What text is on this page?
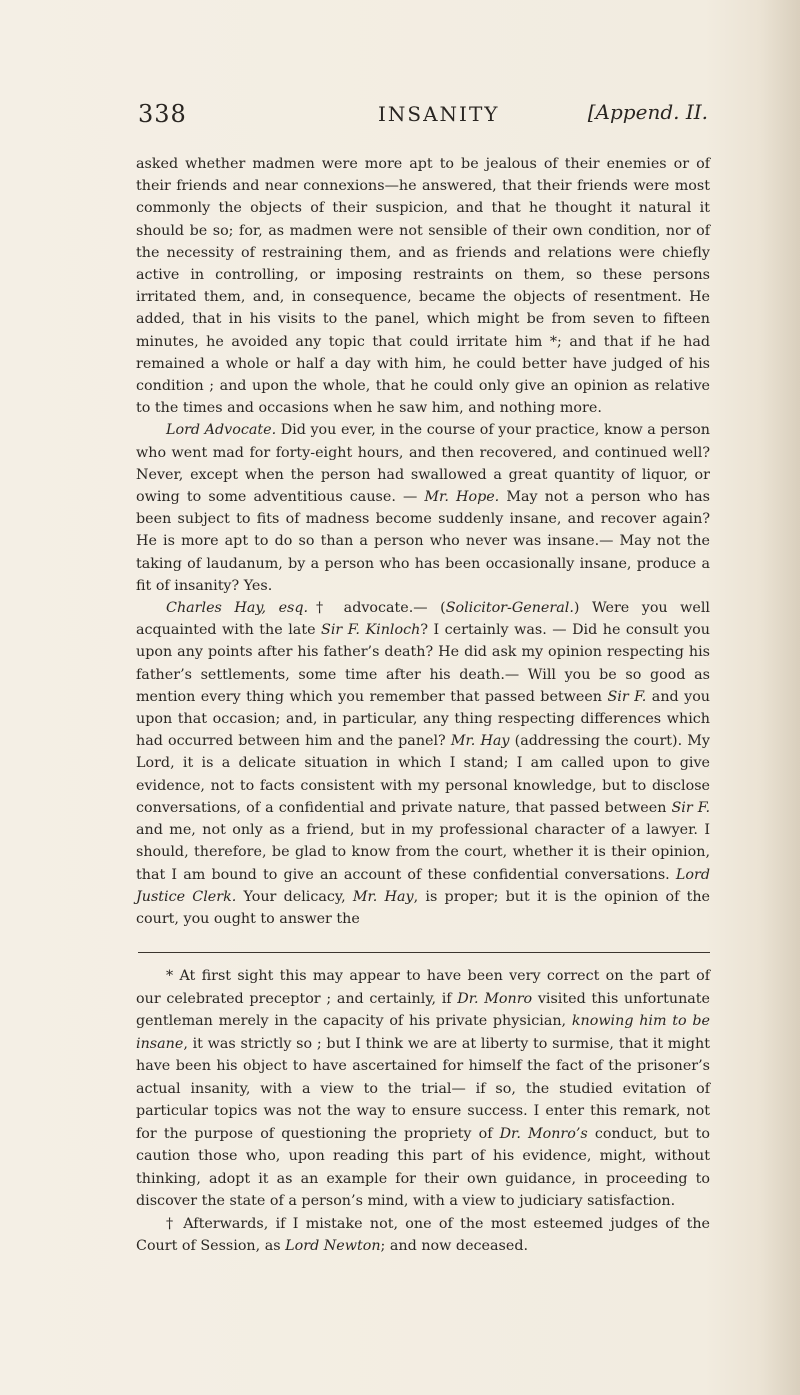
338	INSANITY	[Append. II.

asked whether madmen were more apt to be jealous of their enemies or of their friends and near connexions—he answered, that their friends were most commonly the objects of their suspicion, and that he thought it natural it should be so; for, as madmen were not sensible of their own condition, nor of the necessity of restraining them, and as friends and relations were chiefly active in controlling, or imposing restraints on them, so these persons irritated them, and, in consequence, became the objects of resentment. He added, that in his visits to the panel, which might be from seven to fifteen minutes, he avoided any topic that could irritate him *; and that if he had remained a whole or half a day with him, he could better have judged of his condition ; and upon the whole, that he could only give an opinion as relative to the times and occasions when he saw him, and nothing more.

Lord Advocate. Did you ever, in the course of your practice, know a person who went mad for forty-eight hours, and then recovered, and continued well? Never, except when the person had swallowed a great quantity of liquor, or owing to some adventitious cause. — Mr. Hope. May not a person who has been subject to fits of madness become suddenly insane, and recover again? He is more apt to do so than a person who never was insane.— May not the taking of laudanum, by a person who has been occasionally insane, produce a fit of insanity? Yes.

Charles Hay, esq.† advocate.— (Solicitor-General.) Were you well acquainted with the late Sir F. Kinloch? I certainly was. — Did he consult you upon any points after his father’s death? He did ask my opinion respecting his father’s settlements, some time after his death.— Will you be so good as mention every thing which you remember that passed between Sir F. and you upon that occasion; and, in particular, any thing respecting differences which had occurred between him and the panel? Mr. Hay (addressing the court). My Lord, it is a delicate situation in which I stand; I am called upon to give evidence, not to facts consistent with my personal knowledge, but to disclose conversations, of a confidential and private nature, that passed between Sir F. and me, not only as a friend, but in my professional character of a lawyer. I should, therefore, be glad to know from the court, whether it is their opinion, that I am bound to give an account of these confidential conversations. Lord Justice Clerk. Your delicacy, Mr. Hay, is proper; but it is the opinion of the court, you ought to answer the

* At first sight this may appear to have been very correct on the part of our celebrated preceptor ; and certainly, if Dr. Monro visited this unfortunate gentleman merely in the capacity of his private physician, knowing him to be insane, it was strictly so ; but I think we are at liberty to surmise, that it might have been his object to have ascertained for himself the fact of the prisoner’s actual insanity, with a view to the trial— if so, the studied evitation of particular topics was not the way to ensure success. I enter this remark, not for the purpose of questioning the propriety of Dr. Monro’s conduct, but to caution those who, upon reading this part of his evidence, might, without thinking, adopt it as an example for their own guidance, in proceeding to discover the state of a person’s mind, with a view to judiciary satisfaction.

† Afterwards, if I mistake not, one of the most esteemed judges of the Court of Session, as Lord Newton; and now deceased.
